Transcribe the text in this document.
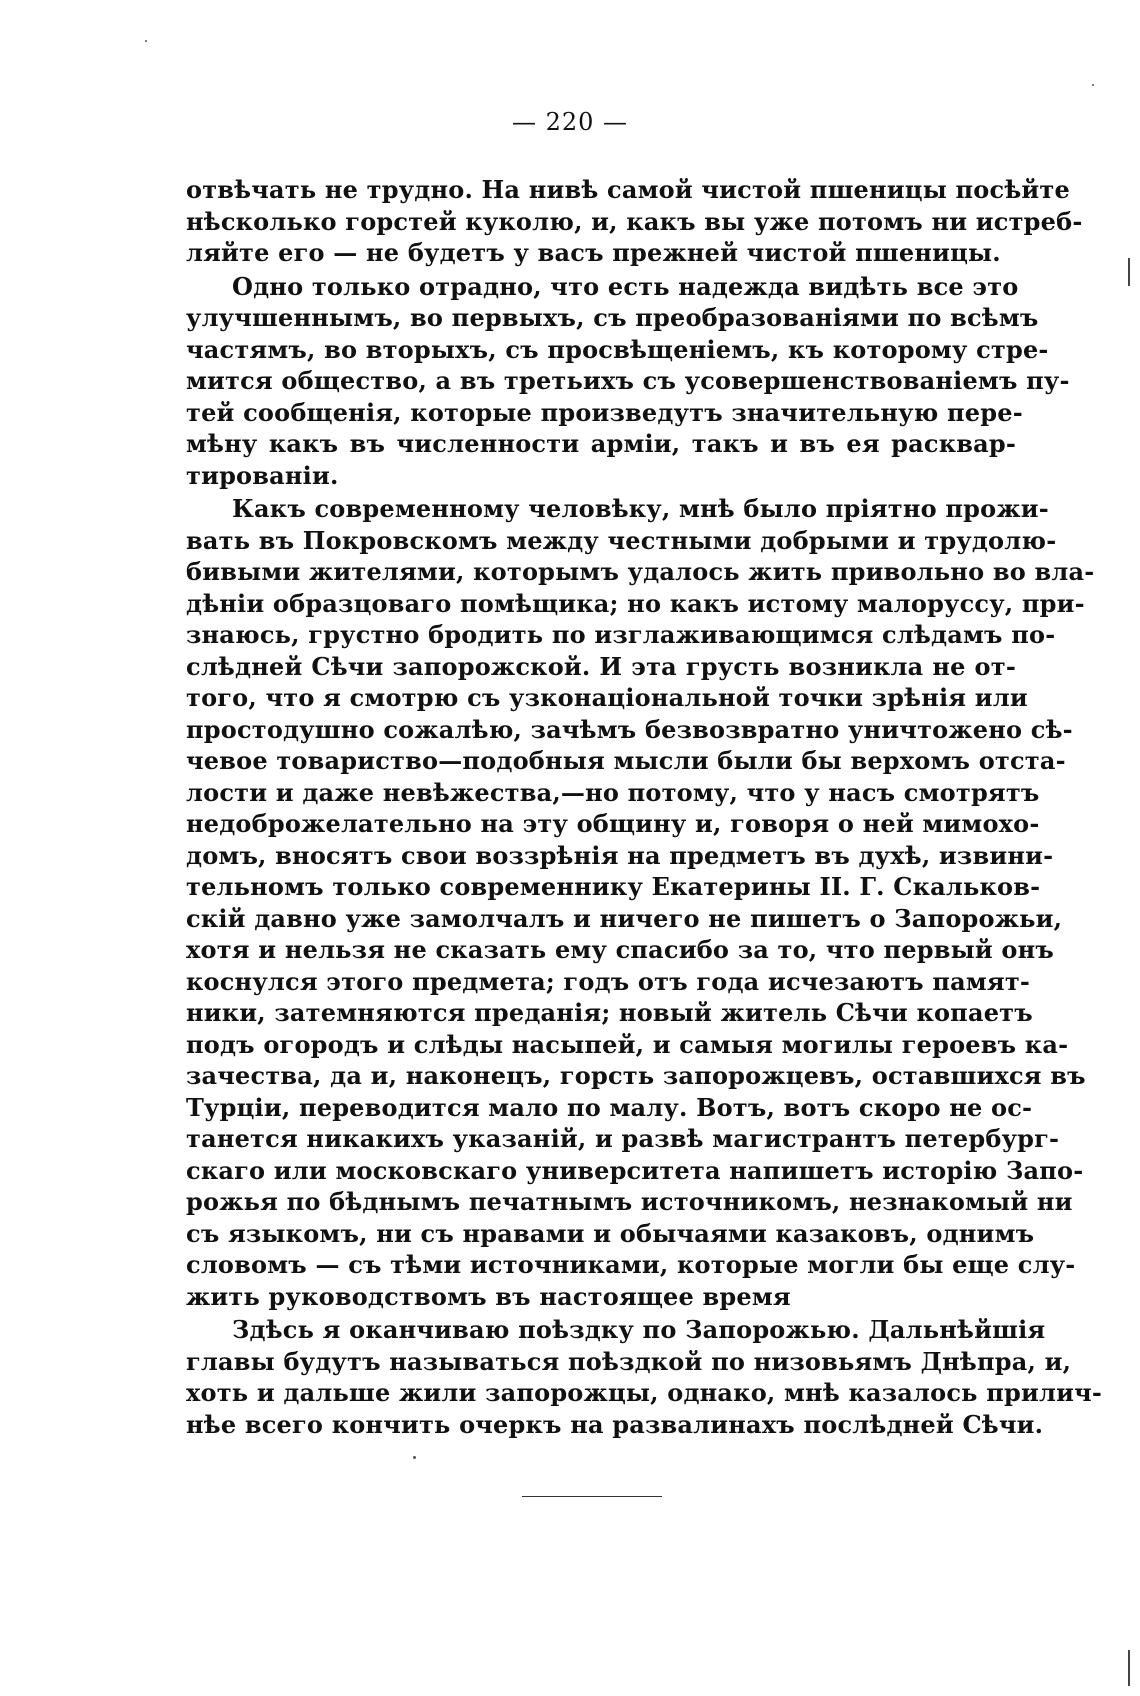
— 220 —
отвѣчать не трудно. На нивѣ самой чистой пшеницы посѣйте
нѣсколько горстей куколю, и, какъ вы уже потомъ ни истреб-
ляйте его — не будетъ у васъ прежней чистой пшеницы.
Одно только отрадно, что есть надежда видѣть все это
улучшеннымъ, во первыхъ, съ преобразованіями по всѣмъ
частямъ, во вторыхъ, съ просвѣщеніемъ, къ которому стре-
мится общество, а въ третьихъ съ усовершенствованіемъ пу-
тей сообщенія, которые произведутъ значительную пере-
мѣну какъ въ численности арміи, такъ и въ ея расквар-
тированіи.
Какъ современному человѣку, мнѣ было пріятно прожи-
вать въ Покровскомъ между честными добрыми и трудолю-
бивыми жителями, которымъ удалось жить привольно во вла-
дѣніи образцоваго помѣщика; но какъ истому малоруссу, при-
знаюсь, грустно бродить по изглаживающимся слѣдамъ по-
слѣдней Сѣчи запорожской. И эта грусть возникла не от-
того, что я смотрю съ узконаціональной точки зрѣнія или
простодушно сожалѣю, зачѣмъ безвозвратно уничтожено сѣ-
чевое товариство—подобныя мысли были бы верхомъ отста-
лости и даже невѣжества,—но потому, что у насъ смотрятъ
недоброжелательно на эту общину и, говоря о ней мимохо-
домъ, вносятъ свои воззрѣнія на предметъ въ духѣ, извини-
тельномъ только современнику Екатерины II. Г. Скальков-
скій давно уже замолчалъ и ничего не пишетъ о Запорожьи,
хотя и нельзя не сказать ему спасибо за то, что первый онъ
коснулся этого предмета; годъ отъ года исчезаютъ памят-
ники, затемняются преданія; новый житель Сѣчи копаетъ
подъ огородъ и слѣды насыпей, и самыя могилы героевъ ка-
зачества, да и, наконецъ, горсть запорожцевъ, оставшихся въ
Турціи, переводится мало по малу. Вотъ, вотъ скоро не ос-
танется никакихъ указаній, и развѣ магистрантъ петербург-
скаго или московскаго университета напишетъ исторію Запо-
рожья по бѣднымъ печатнымъ источникомъ, незнакомый ни
съ языкомъ, ни съ нравами и обычаями казаковъ, однимъ
словомъ — съ тѣми источниками, которые могли бы еще слу-
жить руководствомъ въ настоящее время
Здѣсь я оканчиваю поѣздку по Запорожью. Дальнѣйшія
главы будутъ называться поѣздкой по низовьямъ Днѣпра, и,
хоть и дальше жили запорожцы, однако, мнѣ казалось прилич-
нѣе всего кончить очеркъ на развалинахъ послѣдней Сѣчи.
